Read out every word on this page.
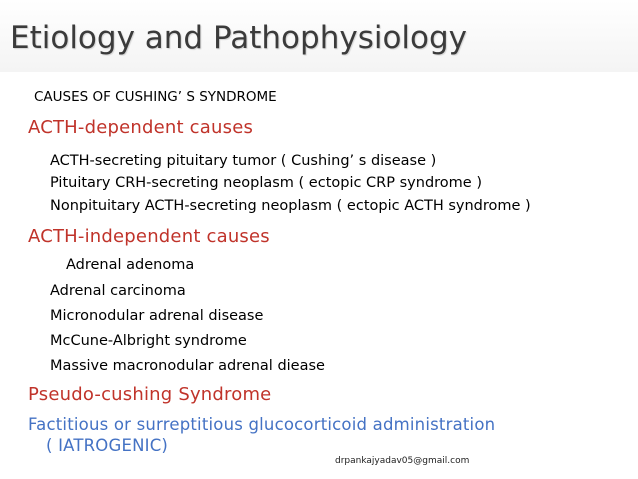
Etiology and Pathophysiology
CAUSES OF CUSHING’ S SYNDROME
ACTH-dependent causes
ACTH-secreting pituitary tumor ( Cushing’ s disease )
Pituitary CRH-secreting neoplasm ( ectopic CRP syndrome )
Nonpituitary ACTH-secreting neoplasm ( ectopic ACTH syndrome )
ACTH-independent causes
Adrenal adenoma
Adrenal carcinoma
Micronodular adrenal disease
McCune-Albright syndrome
Massive macronodular adrenal diease
Pseudo-cushing Syndrome
Factitious or surreptitious glucocorticoid administration
( IATROGENIC)
drpankajyadav05@gmail.com
